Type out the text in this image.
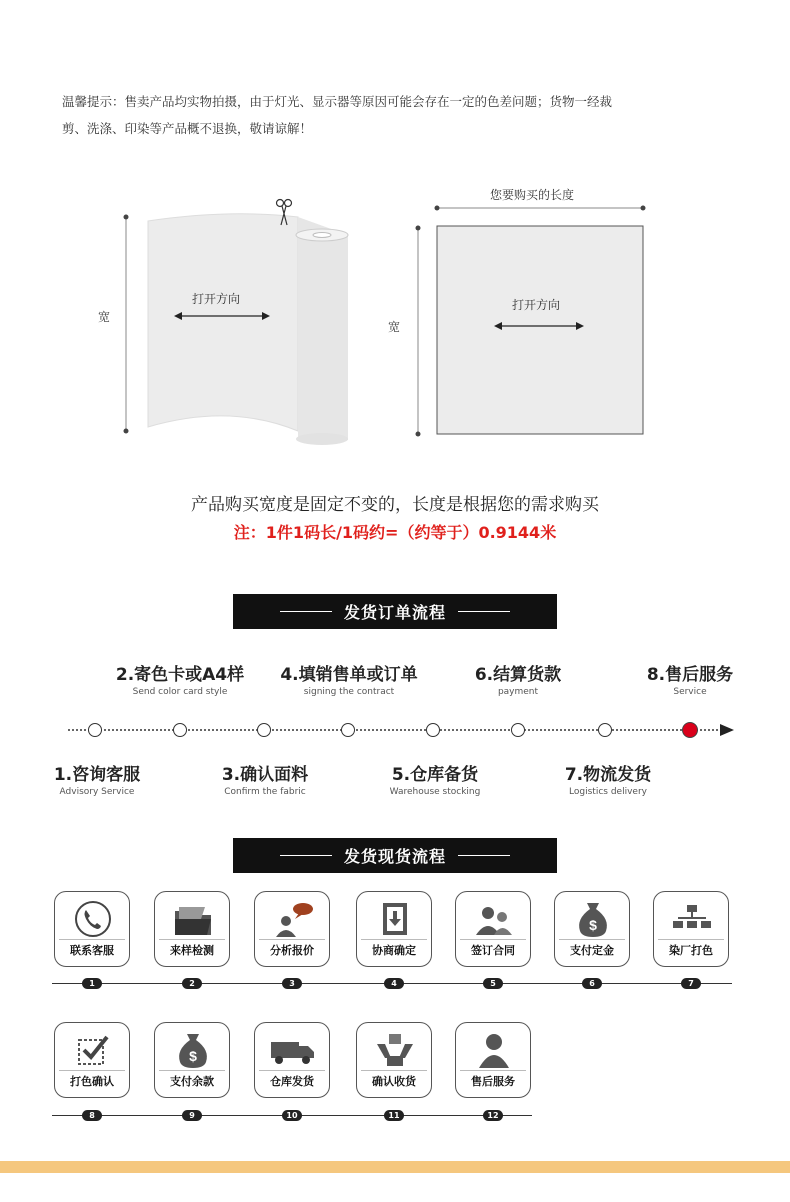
温馨提示：售卖产品均实物拍摄，由于灯光、显示器等原因可能会存在一定的色差问题；货物一经裁
剪、洗涤、印染等产品概不退换，敬请谅解！
宽
打开方向
您要购买的长度
宽
打开方向
产品购买宽度是固定不变的，长度是根据您的需求购买
注：1件1码长/1码约=（约等于）0.9144米
发货订单流程
2.寄色卡或A4样
Send color card style
4.填销售单或订单
signing the contract
6.结算货款
payment
8.售后服务
Service
1.咨询客服
Advisory Service
3.确认面料
Confirm the fabric
5.仓库备货
Warehouse stocking
7.物流发货
Logistics delivery
发货现货流程
联系客服	来样检测	分析报价	协商确定	签订合同
$
支付定金	染厂打色
1	2	3	4	5	6	7
打色确认
$
支付余款	仓库发货	确认收货	售后服务
8	9	10	11	12
